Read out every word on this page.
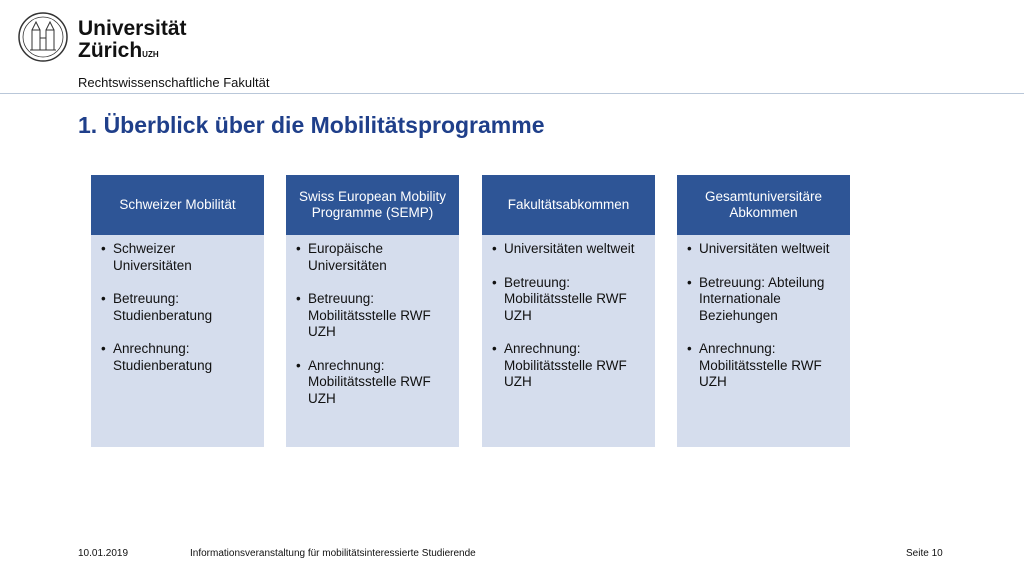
Universität
Zürich$^{UZH}$
Rechtswissenschaftliche Fakultät
1. Überblick über die Mobilitätsprogramme
Schweizer Mobilität
• Schweizer Universitäten
• Betreuung: Studienberatung
• Anrechnung: Studienberatung
Swiss European Mobility Programme (SEMP)
• Europäische Universitäten
• Betreuung: Mobilitätsstelle RWF UZH
• Anrechnung: Mobilitätsstelle RWF UZH
Fakultätsabkommen
• Universitäten weltweit
• Betreuung: Mobilitätsstelle RWF UZH
• Anrechnung: Mobilitätsstelle RWF UZH
Gesamtuniversitäre Abkommen
• Universitäten weltweit
• Betreuung: Abteilung Internationale Beziehungen
• Anrechnung: Mobilitätsstelle RWF UZH
10.01.2019	Informationsveranstaltung für mobilitätsinteressierte Studierende	Seite 10
